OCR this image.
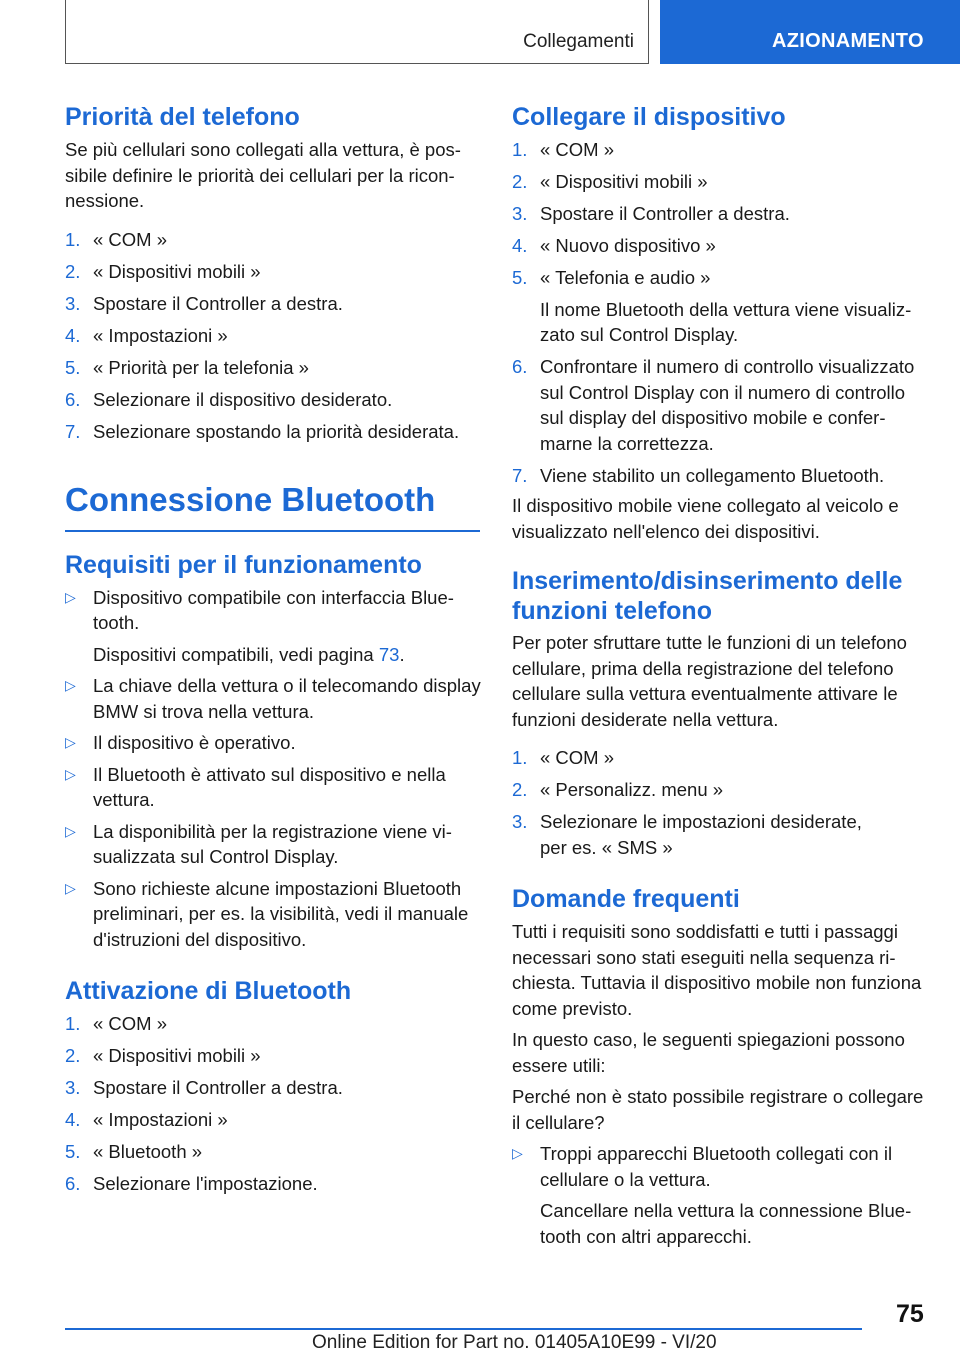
Collegamenti	AZIONAMENTO
Priorità del telefono

Se più cellulari sono collegati alla vettura, è possibile definire le priorità dei cellulari per la riconnessione.

1. « COM »
2. « Dispositivi mobili »
3. Spostare il Controller a destra.
4. « Impostazioni »
5. « Priorità per la telefonia »
6. Selezionare il dispositivo desiderato.
7. Selezionare spostando la priorità desiderata.
Connessione Bluetooth
Requisiti per il funzionamento
▷ Dispositivo compatibile con interfaccia Bluetooth.
Dispositivi compatibili, vedi pagina 73.
▷ La chiave della vettura o il telecomando display BMW si trova nella vettura.
▷ Il dispositivo è operativo.
▷ Il Bluetooth è attivato sul dispositivo e nella vettura.
▷ La disponibilità per la registrazione viene visualizzata sul Control Display.
▷ Sono richieste alcune impostazioni Bluetooth preliminari, per es. la visibilità, vedi il manuale d'istruzioni del dispositivo.
Attivazione di Bluetooth
1. « COM »
2. « Dispositivi mobili »
3. Spostare il Controller a destra.
4. « Impostazioni »
5. « Bluetooth »
6. Selezionare l'impostazione.
Collegare il dispositivo
1. « COM »
2. « Dispositivi mobili »
3. Spostare il Controller a destra.
4. « Nuovo dispositivo »
5. « Telefonia e audio »
Il nome Bluetooth della vettura viene visualizzato sul Control Display.
6. Confrontare il numero di controllo visualizzato sul Control Display con il numero di controllo sul display del dispositivo mobile e confermarne la correttezza.
7. Viene stabilito un collegamento Bluetooth.

Il dispositivo mobile viene collegato al veicolo e visualizzato nell'elenco dei dispositivi.

Inserimento/disinserimento delle funzioni telefono

Per poter sfruttare tutte le funzioni di un telefono cellulare, prima della registrazione del telefono cellulare sulla vettura eventualmente attivare le funzioni desiderate nella vettura.

1. « COM »
2. « Personalizz. menu »
3. Selezionare le impostazioni desiderate,
per es. « SMS »
Domande frequenti

Tutti i requisiti sono soddisfatti e tutti i passaggi necessari sono stati eseguiti nella sequenza richiesta. Tuttavia il dispositivo mobile non funziona come previsto.

In questo caso, le seguenti spiegazioni possono essere utili:

Perché non è stato possibile registrare o collegare il cellulare?

▷ Troppi apparecchi Bluetooth collegati con il cellulare o la vettura.
Cancellare nella vettura la connessione Bluetooth con altri apparecchi.
75
Online Edition for Part no. 01405A10E99 - VI/20
